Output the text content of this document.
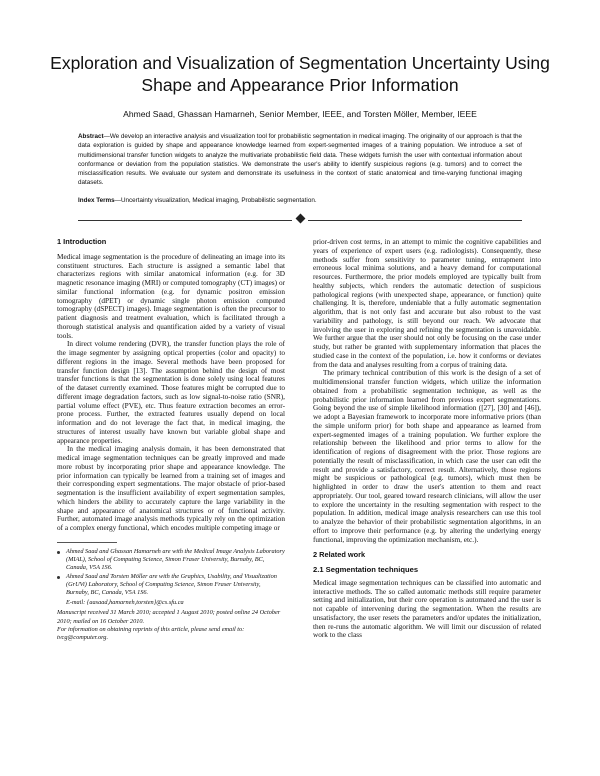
Exploration and Visualization of Segmentation Uncertainty Using Shape and Appearance Prior Information
Ahmed Saad, Ghassan Hamarneh, Senior Member, IEEE, and Torsten Möller, Member, IEEE
Abstract—We develop an interactive analysis and visualization tool for probabilistic segmentation in medical imaging. The originality of our approach is that the data exploration is guided by shape and appearance knowledge learned from expert-segmented images of a training population. We introduce a set of multidimensional transfer function widgets to analyze the multivariate probabilistic field data. These widgets furnish the user with contextual information about conformance or deviation from the population statistics. We demonstrate the user's ability to identify suspicious regions (e.g. tumors) and to correct the misclassification results. We evaluate our system and demonstrate its usefulness in the context of static anatomical and time-varying functional imaging datasets.
Index Terms—Uncertainty visualization, Medical imaging, Probabilistic segmentation.
1 Introduction

Medical image segmentation is the procedure of delineating an image into its constituent structures. Each structure is assigned a semantic label that characterizes regions with similar anatomical information (e.g. for 3D magnetic resonance imaging (MRI) or computed tomography (CT) images) or similar functional information (e.g. for dynamic positron emission tomography (dPET) or dynamic single photon emission computed tomography (dSPECT) images). Image segmentation is often the precursor to patient diagnosis and treatment evaluation, which is facilitated through a thorough statistical analysis and quantification aided by a variety of visual tools.

In direct volume rendering (DVR), the transfer function plays the role of the image segmenter by assigning optical properties (color and opacity) to different regions in the image. Several methods have been proposed for transfer function design [13]. The assumption behind the design of most transfer functions is that the segmentation is done solely using local features of the dataset currently examined. Those features might be corrupted due to different image degradation factors, such as low signal-to-noise ratio (SNR), partial volume effect (PVE), etc. Thus feature extraction becomes an error-prone process. Further, the extracted features usually depend on local information and do not leverage the fact that, in medical imaging, the structures of interest usually have known but variable global shape and appearance properties.

In the medical imaging analysis domain, it has been demonstrated that medical image segmentation techniques can be greatly improved and made more robust by incorporating prior shape and appearance knowledge. The prior information can typically be learned from a training set of images and their corresponding expert segmentations. The major obstacle of prior-based segmentation is the insufficient availability of expert segmentation samples, which hinders the ability to accurately capture the large variability in the shape and appearance of anatomical structures or of functional activity. Further, automated image analysis methods typically rely on the optimization of a complex energy functional, which encodes multiple competing image or

Ahmed Saad and Ghassan Hamarneh are with the Medical Image Analysis Laboratory (MIAL), School of Computing Science, Simon Fraser University, Burnaby, BC, Canada, V5A 1S6.
Ahmed Saad and Torsten Möller are with the Graphics, Usability, and Visualization (GrUVi) Laboratory, School of Computing Science, Simon Fraser University, Burnaby, BC, Canada, V5A 1S6.
E-mail: {aasaad,hamarneh,torsten}@cs.sfu.ca
Manuscript received 31 March 2010; accepted 1 August 2010; posted online 24 October 2010; mailed on 16 October 2010.
For information on obtaining reprints of this article, please send email to: tvcg@computer.org.

prior-driven cost terms, in an attempt to mimic the cognitive capabilities and years of experience of expert users (e.g. radiologists). Consequently, these methods suffer from sensitivity to parameter tuning, entrapment into erroneous local minima solutions, and a heavy demand for computational resources. Furthermore, the prior models employed are typically built from healthy subjects, which renders the automatic detection of suspicious pathological regions (with unexpected shape, appearance, or function) quite challenging. It is, therefore, undeniable that a fully automatic segmentation algorithm, that is not only fast and accurate but also robust to the vast variability and pathology, is still beyond our reach. We advocate that involving the user in exploring and refining the segmentation is unavoidable. We further argue that the user should not only be focusing on the case under study, but rather be granted with supplementary information that places the studied case in the context of the population, i.e. how it conforms or deviates from the data and analyses resulting from a corpus of training data.

The primary technical contribution of this work is the design of a set of multidimensional transfer function widgets, which utilize the information obtained from a probabilistic segmentation technique, as well as the probabilistic prior information learned from previous expert segmentations. Going beyond the use of simple likelihood information ([27], [30] and [46]), we adopt a Bayesian framework to incorporate more informative priors (than the simple uniform prior) for both shape and appearance as learned from expert-segmented images of a training population. We further explore the relationship between the likelihood and prior terms to allow for the identification of regions of disagreement with the prior. Those regions are potentially the result of misclassification, in which case the user can edit the result and provide a satisfactory, correct result. Alternatively, those regions might be suspicious or pathological (e.g. tumors), which must then be highlighted in order to draw the user's attention to them and react appropriately. Our tool, geared toward research clinicians, will allow the user to explore the uncertainty in the resulting segmentation with respect to the population. In addition, medical image analysis researchers can use this tool to analyze the behavior of their probabilistic segmentation algorithms, in an effort to improve their performance (e.g. by altering the underlying energy functional, improving the optimization mechanism, etc.).

2 Related work
2.1 Segmentation techniques

Medical image segmentation techniques can be classified into automatic and interactive methods. The so called automatic methods still require parameter setting and initialization, but their core operation is automated and the user is not capable of intervening during the segmentation. When the results are unsatisfactory, the user resets the parameters and/or updates the initialization, then re-runs the automatic algorithm. We will limit our discussion of related work to the class
